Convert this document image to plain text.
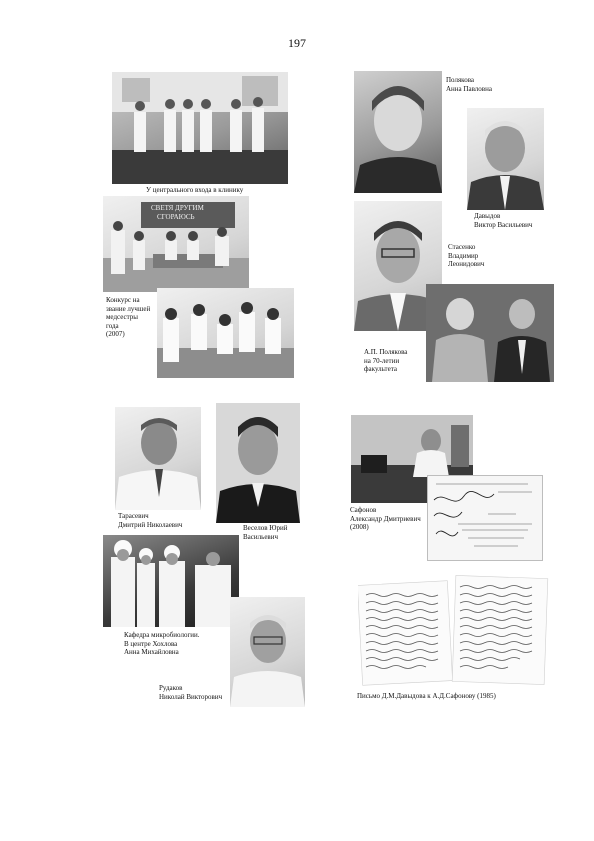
197
У центрального входа в клинику
СВЕТЯ ДРУГИМ
СГОРАЮСЬ
Конкурс на
звание лучшей
медсестры
года
(2007)
Полякова
Анна Павловна
Давыдов
Виктор Васильевич
Стасенко
Владимир
Леонидович
А.П. Полякова
на 70-летии
факультета
Тарасевич
Дмитрий Николаевич	Веселов Юрий
Васильевич
Кафедра микробиологии.
В центре Хохлова
Анна Михайловна
Рудаков
Николай Викторович
Сафонов
Александр Дмитриевич
(2008)
Письмо Д.М.Давыдова к А.Д.Сафонову (1985)
